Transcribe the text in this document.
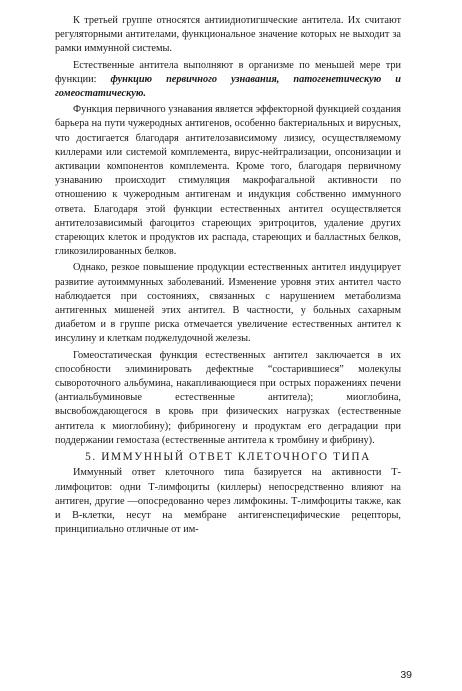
К третьей группе относятся антиидиотигшческие антитела. Их считают регуляторными антителами, функциональное значение которых не выходит за рамки иммунной системы.

Естественные антитела выполняют в организме по меньшей мере три функции: функцию первичного узнавания, патогенетическую и гомеостатическую.

Функция первичного узнавания является эффекторной функцией создания барьера на пути чужеродных антигенов, особенно бактериальных и вирусных, что достигается благодаря антителозависимому лизису, осуществляемому киллерами или системой комплемента, вирус-нейтрализации, опсонизации и активации компонентов комплемента. Кроме того, благодаря первичному узнаванию происходит стимуляция макрофагальной активности по отношению к чужеродным антигенам и индукция собственно иммунного ответа. Благодаря этой функции естественных антител осуществляется антителозависимый фагоцитоз стареющих эритроцитов, удаление других стареющих клеток и продуктов их распада, стареющих и балластных белков, гликозилированных белков.

Однако, резкое повышение продукции естественных антител индуцирует развитие аутоиммунных заболеваний. Изменение уровня этих антител часто наблюдается при состояниях, связанных с нарушением метаболизма антигенных мишеней этих антител. В частности, у больных сахарным диабетом и в группе риска отмечается увеличение естественных антител к инсулину и клеткам поджелудочной железы.

Гомеостатическая функция естественных антител заключается в их способности элиминировать дефектные “состарившиеся” молекулы сывороточного альбумина, накапливающиеся при острых поражениях печени (антиальбуминовые естественные антитела); миоглобина, высвобождающегося в кровь при физических нагрузках (естественные антитела к миоглобину); фибриногену и продуктам его деградации при поддержании гемостаза (естественные антитела к тромбину и фибрину).

5. ИММУННЫЙ ОТВЕТ КЛЕТОЧНОГО ТИПА

Иммунный ответ клеточного типа базируется на активности Т-лимфоцитов: одни Т-лимфоциты (киллеры) непосредственно влияют на антиген, другие —опосредованно через лимфокины. Т-лимфоциты также, как и В-клетки, несут на мембране антигенспецифические рецепторы, принципиально отличные от им-

39
